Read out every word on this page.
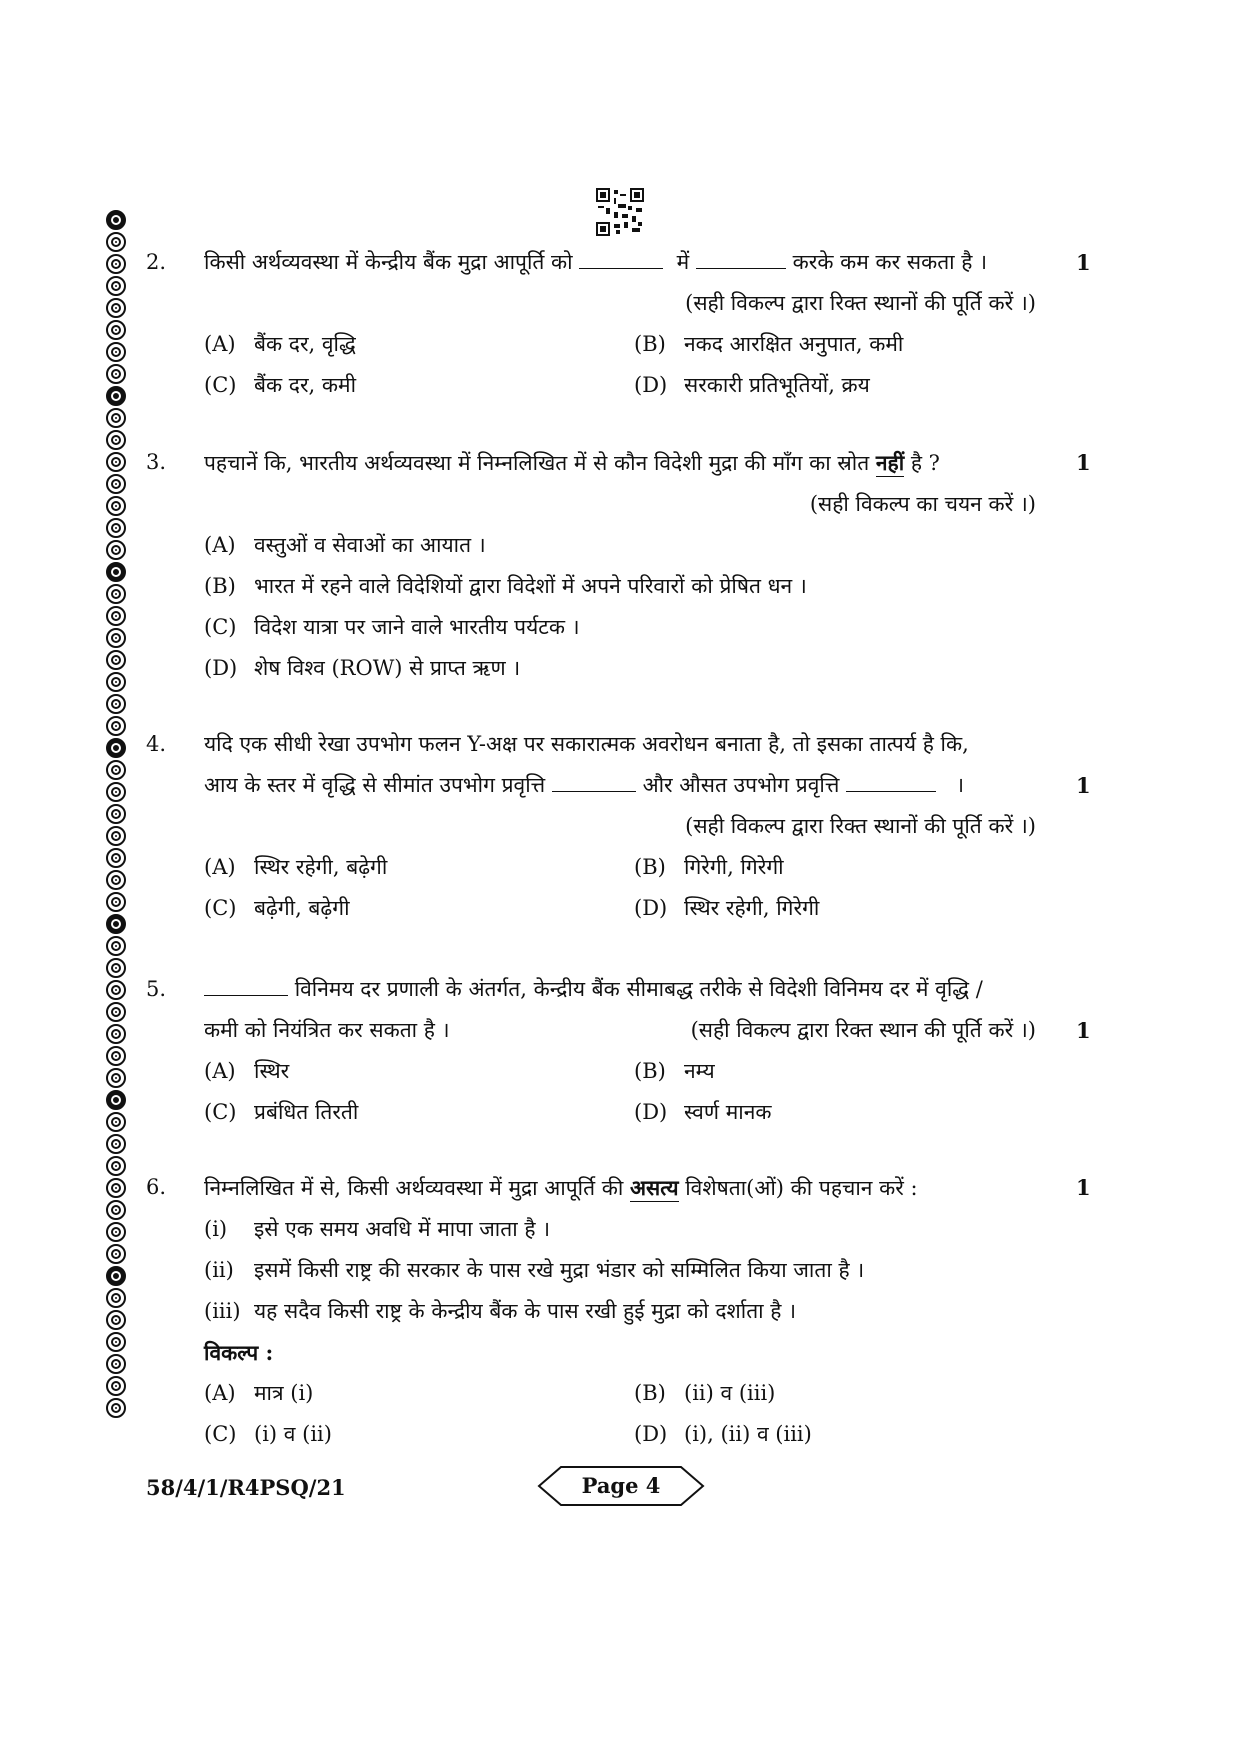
2.	1
किसी अर्थव्यवस्था में केन्द्रीय बैंक मुद्रा आपूर्ति को	में	करके कम कर सकता है ।
(सही विकल्प द्वारा रिक्त स्थानों की पूर्ति करें ।)
(A) बैंक दर, वृद्धि	(B) नकद आरक्षित अनुपात, कमी
(C) बैंक दर, कमी	(D) सरकारी प्रतिभूतियों, क्रय
3.	1
पहचानें कि, भारतीय अर्थव्यवस्था में निम्नलिखित में से कौन विदेशी मुद्रा की माँग का स्रोत नहीं है ?
(सही विकल्प का चयन करें ।)
(A) वस्तुओं व सेवाओं का आयात ।
(B) भारत में रहने वाले विदेशियों द्वारा विदेशों में अपने परिवारों को प्रेषित धन ।
(C) विदेश यात्रा पर जाने वाले भारतीय पर्यटक ।
(D) शेष विश्व (ROW) से प्राप्त ऋण ।
4.
1
यदि एक सीधी रेखा उपभोग फलन Y-अक्ष पर सकारात्मक अवरोधन बनाता है, तो इसका तात्पर्य है कि,
आय के स्तर में वृद्धि से सीमांत उपभोग प्रवृत्ति	और औसत उपभोग प्रवृत्ति	।
(सही विकल्प द्वारा रिक्त स्थानों की पूर्ति करें ।)
(A) स्थिर रहेगी, बढ़ेगी	(B) गिरेगी, गिरेगी
(C) बढ़ेगी, बढ़ेगी	(D) स्थिर रहेगी, गिरेगी
5.
1
विनिमय दर प्रणाली के अंतर्गत, केन्द्रीय बैंक सीमाबद्ध तरीके से विदेशी विनिमय दर में वृद्धि /
कमी को नियंत्रित कर सकता है ।	(सही विकल्प द्वारा रिक्त स्थान की पूर्ति करें ।)
(A) स्थिर	(B) नम्य
(C) प्रबंधित तिरती	(D) स्वर्ण मानक
6.	1
निम्नलिखित में से, किसी अर्थव्यवस्था में मुद्रा आपूर्ति की असत्य विशेषता(ओं) की पहचान करें :
(i)	इसे एक समय अवधि में मापा जाता है ।
(ii) इसमें किसी राष्ट्र की सरकार के पास रखे मुद्रा भंडार को सम्मिलित किया जाता है ।
(iii) यह सदैव किसी राष्ट्र के केन्द्रीय बैंक के पास रखी हुई मुद्रा को दर्शाता है ।
विकल्प :
(A) मात्र (i)	(B) (ii) व (iii)
(C) (i) व (ii)	(D) (i), (ii) व (iii)
58/4/1/R4PSQ/21	Page 4
